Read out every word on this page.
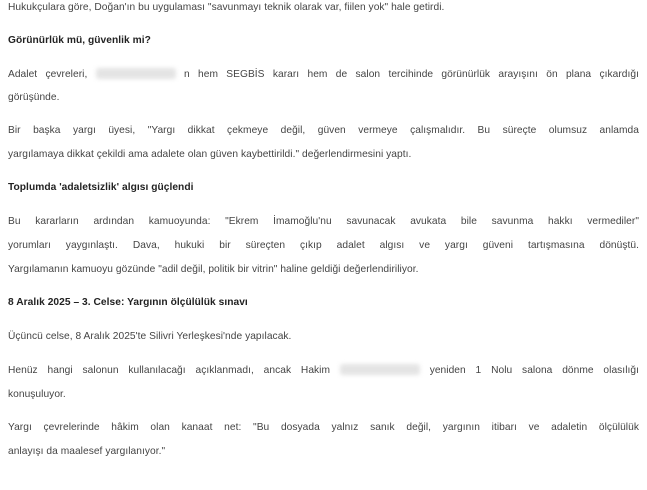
Hukukçulara göre, Doğan'ın bu uygulaması "savunmayı teknik olarak var, fiilen yok" hale getirdi.
Görünürlük mü, güvenlik mi?
Adalet çevreleri,	n hem SEGBİS kararı hem de salon tercihinde görünürlük arayışını ön plana çıkardığı
görüşünde.
Bir başka yargı üyesi, "Yargı dikkat çekmeye değil, güven vermeye çalışmalıdır. Bu süreçte olumsuz anlamda
yargılamaya dikkat çekildi ama adalete olan güven kaybettirildi." değerlendirmesini yaptı.
Toplumda 'adaletsizlik' algısı güçlendi
Bu kararların ardından kamuoyunda: "Ekrem İmamoğlu'nu savunacak avukata bile savunma hakkı vermediler"
yorumları yaygınlaştı. Dava, hukuki bir süreçten çıkıp adalet algısı ve yargı güveni tartışmasına dönüştü.
Yargılamanın kamuoyu gözünde "adil değil, politik bir vitrin" haline geldiği değerlendiriliyor.
8 Aralık 2025 – 3. Celse: Yargının ölçülülük sınavı
Üçüncü celse, 8 Aralık 2025'te Silivri Yerleşkesi'nde yapılacak.
Henüz hangi salonun kullanılacağı açıklanmadı, ancak Hakim	yeniden 1 Nolu salona dönme olasılığı
konuşuluyor.
Yargı çevrelerinde hâkim olan kanaat net: "Bu dosyada yalnız sanık değil, yargının itibarı ve adaletin ölçülülük
anlayışı da maalesef yargılanıyor."
